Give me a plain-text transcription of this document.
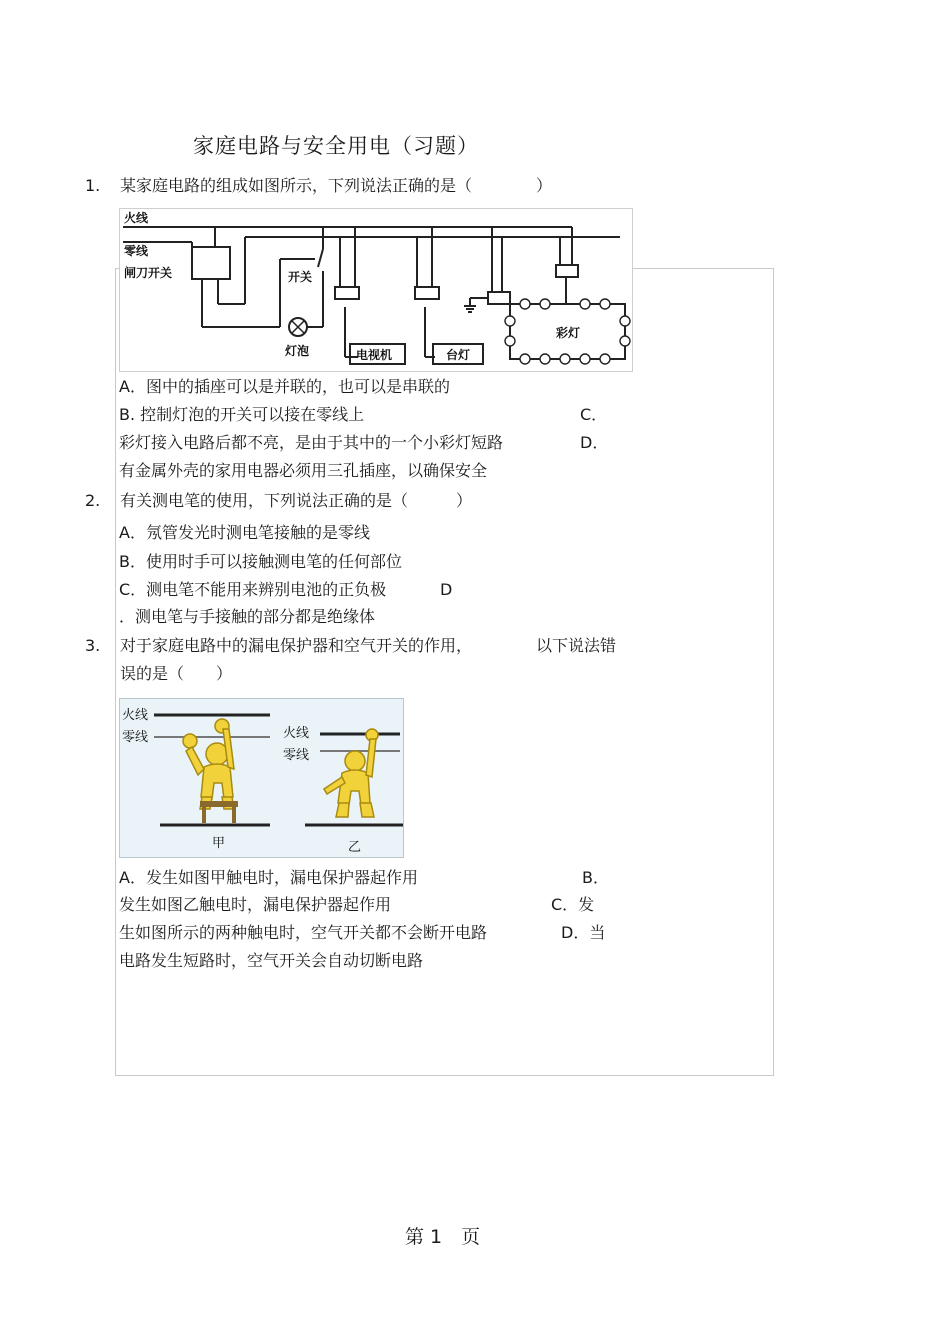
家庭电路与安全用电（习题）
1. 某家庭电路的组成如图所示，下列说法正确的是（　　　　）
火线
零线
闸刀开关	开关
灯泡	电视机	台灯
彩灯
A．图中的插座可以是并联的，也可以是串联的
B. 控制灯泡的开关可以接在零线上	C．
彩灯接入电路后都不亮，是由于其中的一个小彩灯短路	D．
有金属外壳的家用电器必须用三孔插座，以确保安全
2. 有关测电笔的使用，下列说法正确的是（　　　）
A．氖管发光时测电笔接触的是零线
B．使用时手可以接触测电笔的任何部位
C．测电笔不能用来辨别电池的正负极	D
．测电笔与手接触的部分都是绝缘体
3. 对于家庭电路中的漏电保护器和空气开关的作用，	以下说法错
误的是（　　）
火线
零线	火线
零线
甲	乙
A．发生如图甲触电时，漏电保护器起作用	B．
发生如图乙触电时，漏电保护器起作用	C．发
生如图所示的两种触电时，空气开关都不会断开电路	D．当
电路发生短路时，空气开关会自动切断电路
第 1　页
